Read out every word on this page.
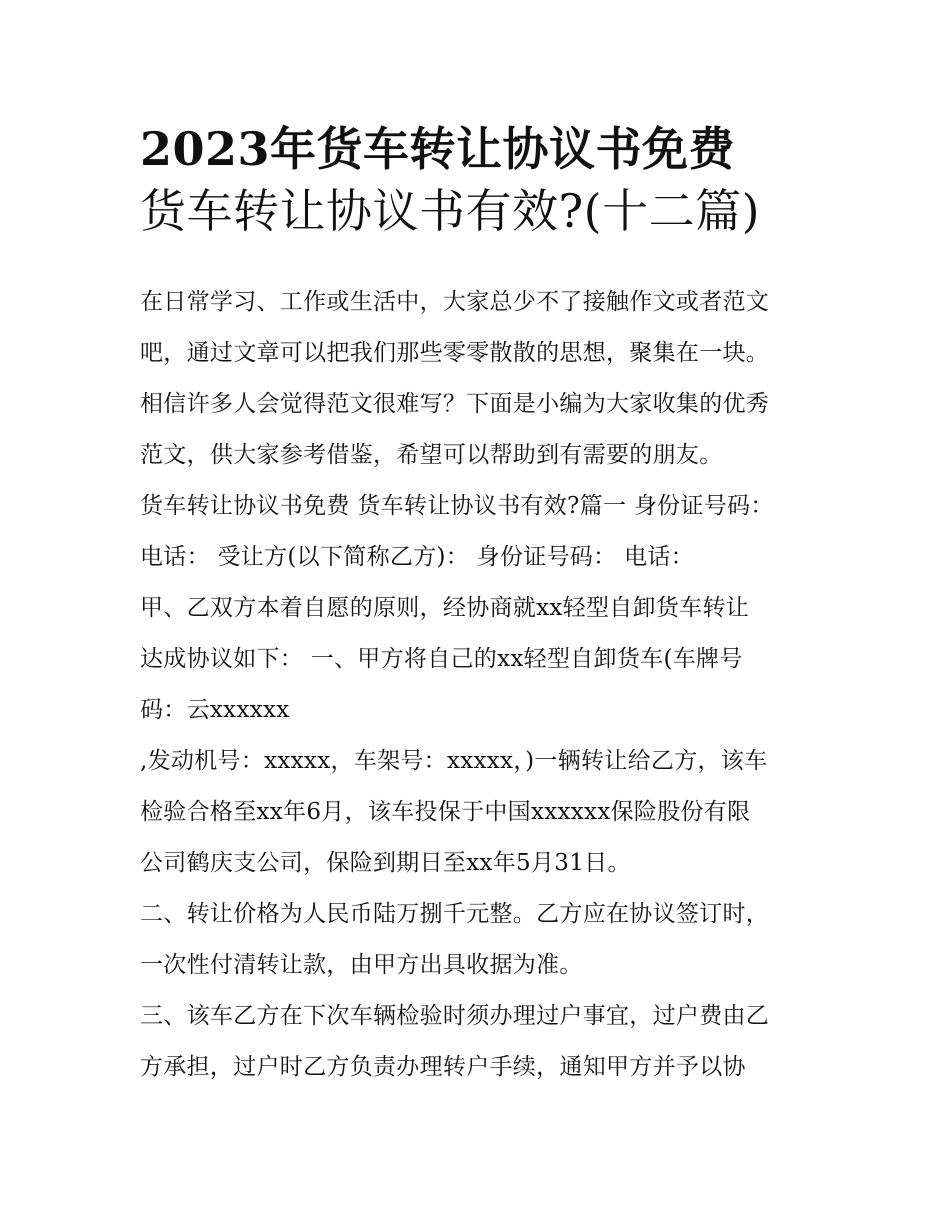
2023年货车转让协议书免费
货车转让协议书有效?(十二篇)
在日常学习、工作或生活中，大家总少不了接触作文或者范文
吧，通过文章可以把我们那些零零散散的思想，聚集在一块。
相信许多人会觉得范文很难写？下面是小编为大家收集的优秀
范文，供大家参考借鉴，希望可以帮助到有需要的朋友。
货车转让协议书免费 货车转让协议书有效?篇一 身份证号码：
电话： 受让方(以下简称乙方)： 身份证号码： 电话：
甲、乙双方本着自愿的原则，经协商就xx轻型自卸货车转让
达成协议如下： 一、甲方将自己的xx轻型自卸货车(车牌号
码：云xxxxxx
,发动机号：xxxxx，车架号：xxxxx，)一辆转让给乙方，该车
检验合格至xx年6月，该车投保于中国xxxxxx保险股份有限
公司鹤庆支公司，保险到期日至xx年5月31日。
二、转让价格为人民币陆万捌千元整。乙方应在协议签订时，
一次性付清转让款，由甲方出具收据为准。
三、该车乙方在下次车辆检验时须办理过户事宜，过户费由乙
方承担，过户时乙方负责办理转户手续，通知甲方并予以协
